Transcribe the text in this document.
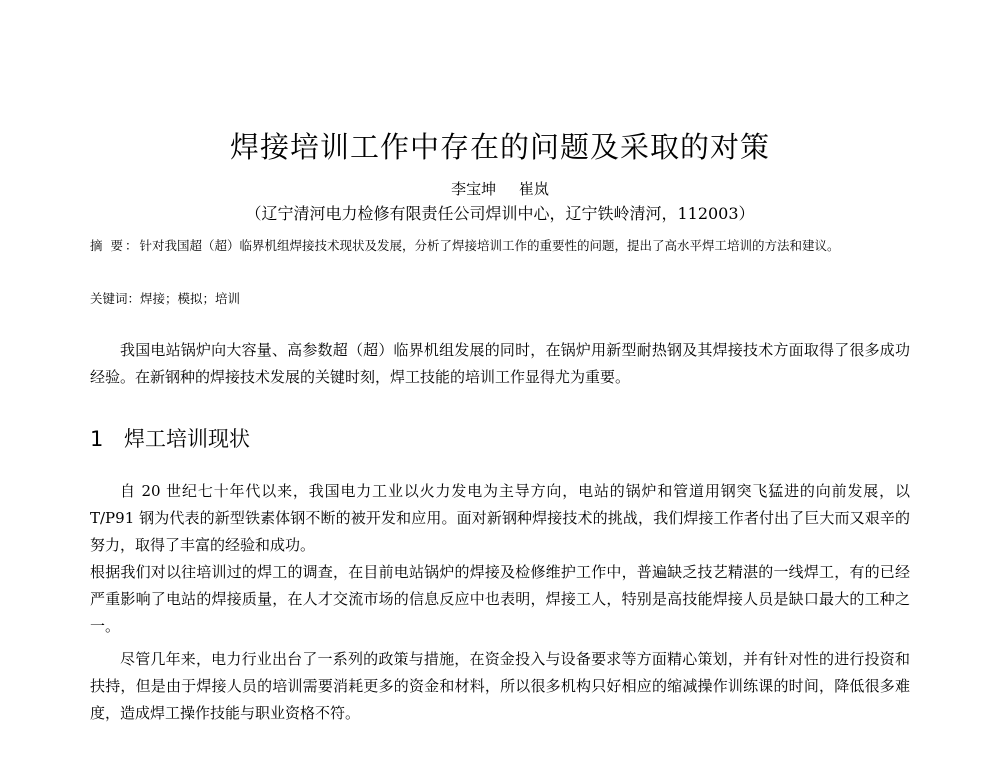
焊接培训工作中存在的问题及采取的对策
李宝坤 崔岚
（辽宁清河电力检修有限责任公司焊训中心，辽宁铁岭清河，112003）
摘 要：针对我国超（超）临界机组焊接技术现状及发展，分析了焊接培训工作的重要性的问题，提出了高水平焊工培训的方法和建议。
关键词：焊接；模拟；培训

我国电站锅炉向大容量、高参数超（超）临界机组发展的同时，在锅炉用新型耐热钢及其焊接技术方面取得了很多成功经验。在新钢种的焊接技术发展的关键时刻，焊工技能的培训工作显得尤为重要。

1 焊工培训现状

自 20 世纪七十年代以来，我国电力工业以火力发电为主导方向，电站的锅炉和管道用钢突飞猛进的向前发展，以 T/P91 钢为代表的新型铁素体钢不断的被开发和应用。面对新钢种焊接技术的挑战，我们焊接工作者付出了巨大而又艰辛的努力，取得了丰富的经验和成功。

根据我们对以往培训过的焊工的调查，在目前电站锅炉的焊接及检修维护工作中，普遍缺乏技艺精湛的一线焊工，有的已经严重影响了电站的焊接质量，在人才交流市场的信息反应中也表明，焊接工人，特别是高技能焊接人员是缺口最大的工种之一。

尽管几年来，电力行业出台了一系列的政策与措施，在资金投入与设备要求等方面精心策划，并有针对性的进行投资和扶持，但是由于焊接人员的培训需要消耗更多的资金和材料，所以很多机构只好相应的缩减操作训练课的时间，降低很多难度，造成焊工操作技能与职业资格不符。
